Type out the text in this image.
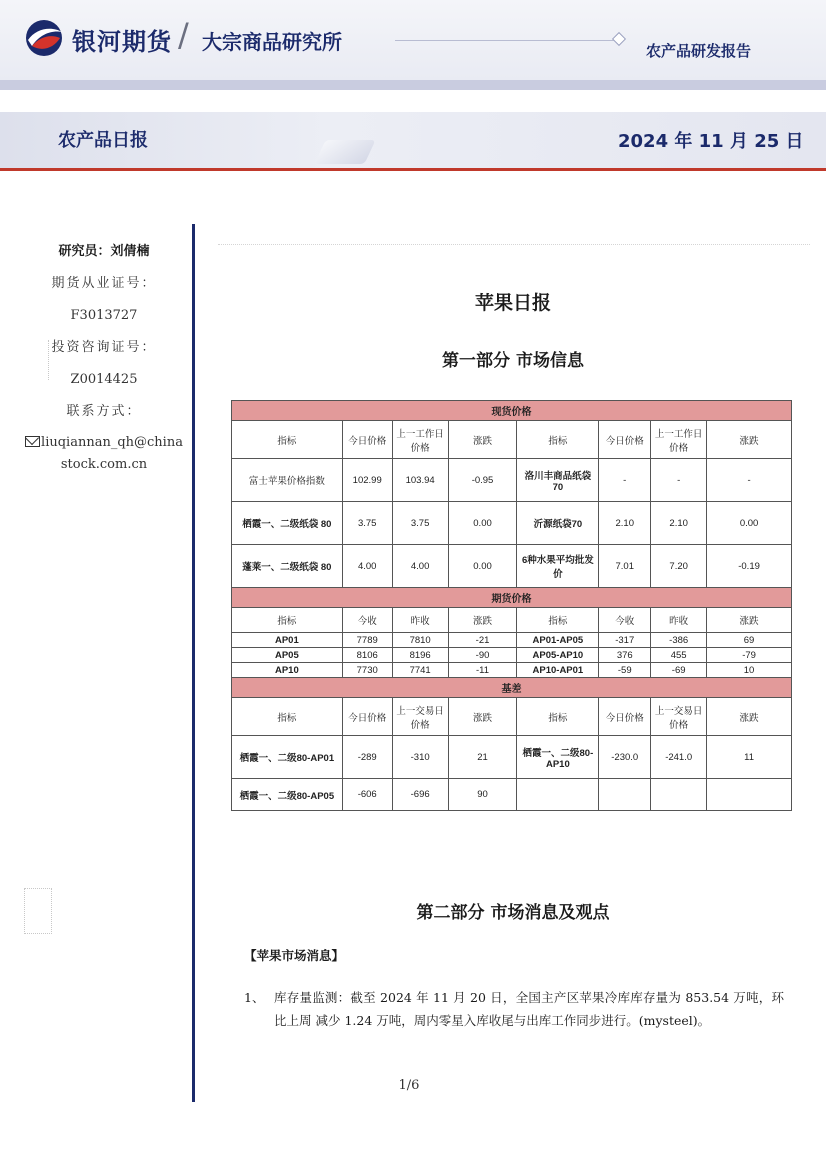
银河期货 / 大宗商品研究所	农产品研发报告
农产品日报	2024 年 11 月 25 日
研究员：刘倩楠
期货从业证号：
F3013727
投资咨询证号：
Z0014425
联系方式：
liuqiannan_qh@chinastock.com.cn
苹果日报
第一部分 市场信息
现货价格							
指标	今日价格	上一工作日价格	涨跌	指标	今日价格	上一工作日价格	涨跌
富士苹果价格指数	102.99	103.94	-0.95	洛川丰商品纸袋70	-	-	-
栖霞一、二级纸袋 80	3.75	3.75	0.00	沂源纸袋70	2.10	2.10	0.00
蓬莱一、二级纸袋 80	4.00	4.00	0.00	6种水果平均批发价	7.01	7.20	-0.19
期货价格							
指标	今收	昨收	涨跌	指标	今收	昨收	涨跌
AP01	7789	7810	-21	AP01-AP05	-317	-386	69
AP05	8106	8196	-90	AP05-AP10	376	455	-79
AP10	7730	7741	-11	AP10-AP01	-59	-69	10
基差							
指标	今日价格	上一交易日价格	涨跌	指标	今日价格	上一交易日价格	涨跌
栖霞一、二级80-AP01	-289	-310	21	栖霞一、二级80-AP10	-230.0	-241.0	11
栖霞一、二级80-AP05	-606	-696	90				
第二部分 市场消息及观点
【苹果市场消息】
1、 库存量监测：截至 2024 年 11 月 20 日，全国主产区苹果冷库库存量为 853.54 万吨，环比上周 减少 1.24 万吨，周内零星入库收尾与出库工作同步进行。(mysteel)。
1/6
